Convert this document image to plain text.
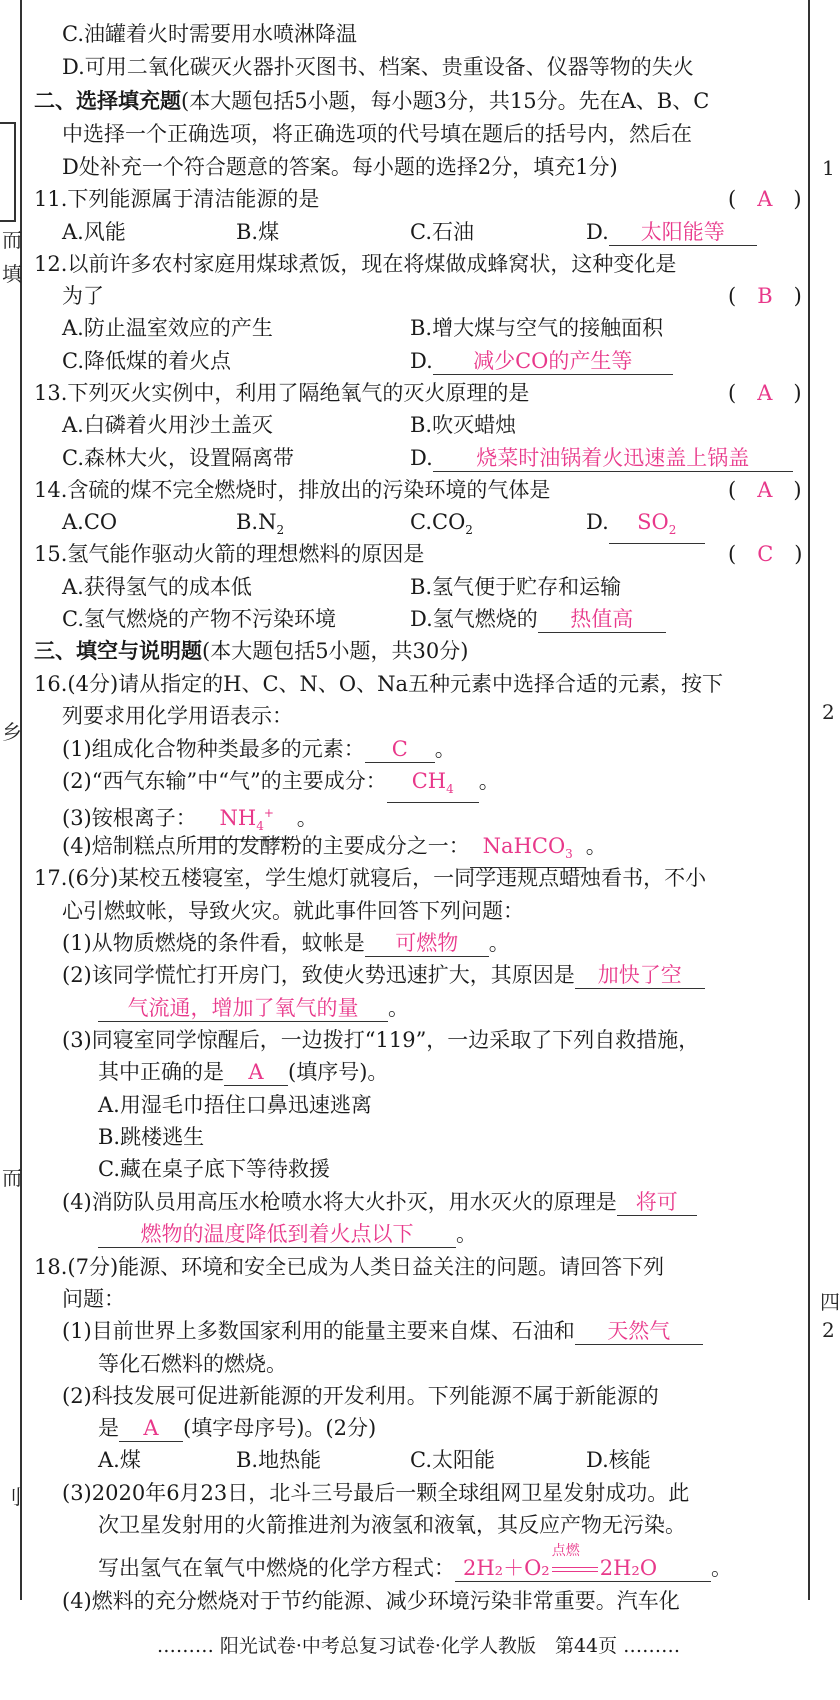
而
填
乡
而
刂
1
2
四
2
C.油罐着火时需要用水喷淋降温
D.可用二氧化碳灭火器扑灭图书、档案、贵重设备、仪器等物的失火
二、选择填充题(本大题包括5小题，每小题3分，共15分。先在A、B、C
中选择一个正确选项，将正确选项的代号填在题后的括号内，然后在
D处补充一个符合题意的答案。每小题的选择2分，填充1分)
11.下列能源属于清洁能源的是	(　A　)
A.风能	B.煤	C.石油	D. 太阳能等
12.以前许多农村家庭用煤球煮饭，现在将煤做成蜂窝状，这种变化是
为了	(　B　)
A.防止温室效应的产生	B.增大煤与空气的接触面积
C.降低煤的着火点	D. 减少CO的产生等
13.下列灭火实例中，利用了隔绝氧气的灭火原理的是	(　A　)
A.白磷着火用沙土盖灭	B.吹灭蜡烛
C.森林大火，设置隔离带	D. 烧菜时油锅着火迅速盖上锅盖
14.含硫的煤不完全燃烧时，排放出的污染环境的气体是	(　A　)
A.CO	$B.N_2$	$C.CO_2$	D. $SO_2$
15.氢气能作驱动火箭的理想燃料的原因是	(　C　)
A.获得氢气的成本低	B.氢气便于贮存和运输
C.氢气燃烧的产物不污染环境	D.氢气燃烧的 热值高
三、填空与说明题(本大题包括5小题，共30分)
16.(4分)请从指定的H、C、N、O、Na五种元素中选择合适的元素，按下
列要求用化学用语表示：
(1)组成化合物种类最多的元素： C 。
(2)“西气东输”中“气”的主要成分： $CH_4$ 。
(3)铵根离子： $NH_4^+$ 。
(4)焙制糕点所用的发酵粉的主要成分之一： NaHCO$_3$ 。
17.(6分)某校五楼寝室，学生熄灯就寝后，一同学违规点蜡烛看书，不小
心引燃蚊帐，导致火灾。就此事件回答下列问题：
(1)从物质燃烧的条件看，蚊帐是 可燃物 。
(2)该同学慌忙打开房门，致使火势迅速扩大，其原因是 加快了空
气流通，增加了氧气的量 。
(3)同寝室同学惊醒后，一边拨打“119”，一边采取了下列自救措施，
其中正确的是 A (填序号)。
A.用湿毛巾捂住口鼻迅速逃离
B.跳楼逃生
C.藏在桌子底下等待救援
(4)消防队员用高压水枪喷水将大火扑灭，用水灭火的原理是 将可
燃物的温度降低到着火点以下 。
18.(7分)能源、环境和安全已成为人类日益关注的问题。请回答下列
问题：
(1)目前世界上多数国家利用的能量主要来自煤、石油和 天然气
等化石燃料的燃烧。
(2)科技发展可促进新能源的开发利用。下列能源不属于新能源的
是 A (填字母序号)。(2分)
A.煤	B.地热能	C.太阳能	D.核能
(3)2020年6月23日，北斗三号最后一颗全球组网卫星发射成功。此
次卫星发射用的火箭推进剂为液氢和液氧，其反应产物无污染。
写出氢气在氧气中燃烧的化学方程式： 2H₂＋O₂
点燃
2H₂O	。
(4)燃料的充分燃烧对于节约能源、减少环境污染非常重要。汽车化
……… 阳光试卷·中考总复习试卷·化学人教版　第44页 ………
